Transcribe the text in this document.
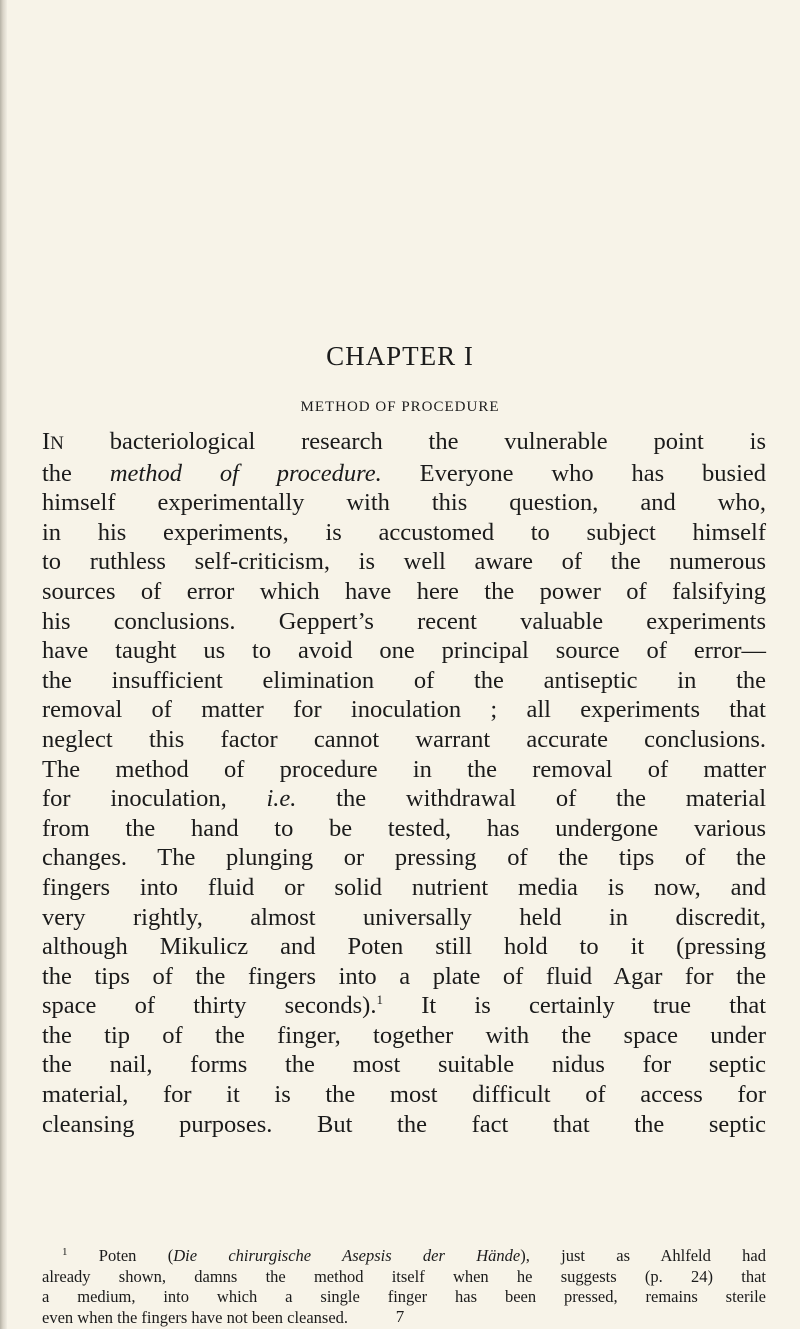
CHAPTER I
METHOD OF PROCEDURE
IN bacteriological research the vulnerable point is
the method of procedure. Everyone who has busied
himself experimentally with this question, and who,
in his experiments, is accustomed to subject himself
to ruthless self-criticism, is well aware of the numerous
sources of error which have here the power of falsifying
his conclusions. Geppert’s recent valuable experiments
have taught us to avoid one principal source of error—
the insufficient elimination of the antiseptic in the
removal of matter for inoculation ; all experiments that
neglect this factor cannot warrant accurate conclusions.
The method of procedure in the removal of matter
for inoculation, i.e. the withdrawal of the material
from the hand to be tested, has undergone various
changes. The plunging or pressing of the tips of the
fingers into fluid or solid nutrient media is now, and
very rightly, almost universally held in discredit,
although Mikulicz and Poten still hold to it (pressing
the tips of the fingers into a plate of fluid Agar for the
space of thirty seconds).$^1$ It is certainly true that
the tip of the finger, together with the space under
the nail, forms the most suitable nidus for septic
material, for it is the most difficult of access for
cleansing purposes. But the fact that the septic
$^1$ Poten (Die chirurgische Asepsis der Hände), just as Ahlfeld had
already shown, damns the method itself when he suggests (p. 24) that
a medium, into which a single finger has been pressed, remains sterile
even when the fingers have not been cleansed.	7
